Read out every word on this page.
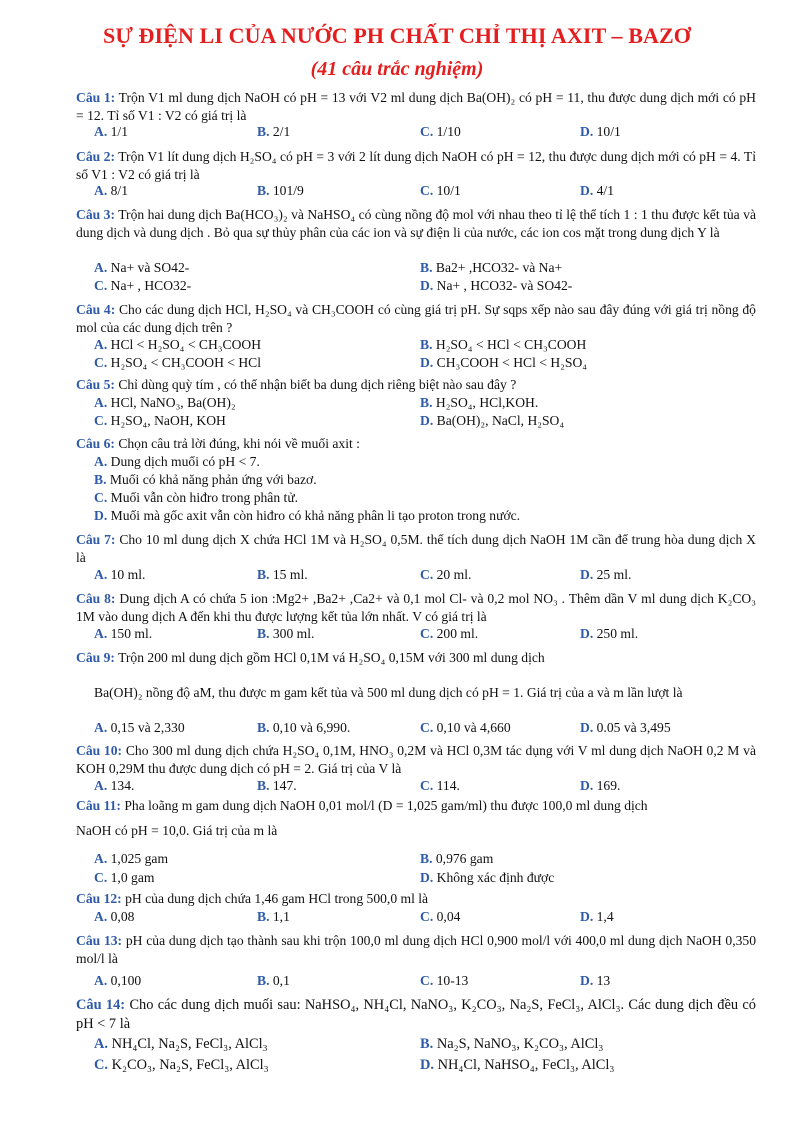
SỰ ĐIỆN LI CỦA NƯỚC PH CHẤT CHỈ THỊ AXIT – BAZƠ
(41 câu trắc nghiệm)
Câu 1: Trộn V1 ml dung dịch NaOH có pH = 13 với V2 ml dung dịch Ba(OH)₂ có pH = 11, thu được dung dịch mới có pH = 12. Tỉ số V1 : V2 có giá trị là
A. 1/1	B. 2/1	C. 1/10	D. 10/1
Câu 2: Trộn V1 lít dung dịch H₂SO₄ có pH = 3 với 2 lít dung dịch NaOH có pH = 12, thu được dung dịch mới có pH = 4. Tỉ số V1 : V2 có giá trị là
A. 8/1	B. 101/9	C. 10/1	D. 4/1
Câu 3: Trộn hai dung dịch Ba(HCO₃)₂ và NaHSO₄ có cùng nồng độ mol với nhau theo tỉ lệ thể tích 1 : 1 thu được kết tủa và dung dịch và dung dịch . Bỏ qua sự thủy phân của các ion và sự điện li của nước, các ion cos mặt trong dung dịch Y là
A. Na+ và SO42-	B. Ba2+ ,HCO32- và Na+
C. Na+ , HCO32-	D. Na+ , HCO32- và SO42-
Câu 4: Cho các dung dịch HCl, H₂SO₄ và CH₃COOH có cùng giá trị pH. Sự sqps xếp nào sau đây đúng với giá trị nồng độ mol của các dung dịch trên ?
A. HCl < H₂SO₄ < CH₃COOH	B. H₂SO₄ < HCl < CH₃COOH
C. H₂SO₄ < CH₃COOH < HCl	D. CH₃COOH < HCl < H₂SO₄
Câu 5: Chỉ dùng quỳ tím , có thể nhận biết ba dung dịch riêng biệt nào sau đây ?
A. HCl, NaNO₃, Ba(OH)₂	B. H₂SO₄, HCl,KOH.
C. H₂SO₄, NaOH, KOH	D. Ba(OH)₂, NaCl, H₂SO₄
Câu 6: Chọn câu trả lời đúng, khi nói về muối axit :
A. Dung dịch muối có pH < 7.
B. Muối có khả năng phản ứng với bazơ.
C. Muối vẫn còn hiđro trong phân tử.
D. Muối mà gốc axit vẫn còn hiđro có khả năng phân li tạo proton trong nước.
Câu 7: Cho 10 ml dung dịch X chứa HCl 1M và H₂SO₄ 0,5M. thể tích dung dịch NaOH 1M cần để trung hòa dung dịch X là
A. 10 ml.	B. 15 ml.	C. 20 ml.	D. 25 ml.
Câu 8: Dung dịch A có chứa 5 ion :Mg2+ ,Ba2+ ,Ca2+ và 0,1 mol Cl- và 0,2 mol NO₃ . Thêm dần V ml dung dịch K₂CO₃ 1M vào dung dịch A đến khi thu được lượng kết tủa lớn nhất. V có giá trị là
A. 150 ml.	B. 300 ml.	C. 200 ml.	D. 250 ml.
Câu 9: Trộn 200 ml dung dịch gồm HCl 0,1M vá H₂SO₄ 0,15M với 300 ml dung dịch
Ba(OH)₂ nồng độ aM, thu được m gam kết tủa và 500 ml dung dịch có pH = 1. Giá trị của a và m lần lượt là
A. 0,15 và 2,330	B. 0,10 và 6,990.	C. 0,10 và 4,660	D. 0.05 và 3,495
Câu 10: Cho 300 ml dung dịch chứa H₂SO₄ 0,1M, HNO₃ 0,2M và HCl 0,3M tác dụng với V ml dung dịch NaOH 0,2 M và KOH 0,29M thu được dung dịch có pH = 2. Giá trị của V là
A. 134.	B. 147.	C. 114.	D. 169.
Câu 11: Pha loãng m gam dung dịch NaOH 0,01 mol/l (D = 1,025 gam/ml) thu được 100,0 ml dung dịch
NaOH có pH = 10,0. Giá trị của m là
A. 1,025 gam	B. 0,976 gam
C. 1,0 gam	D. Không xác định được
Câu 12: pH của dung dịch chứa 1,46 gam HCl trong 500,0 ml là
A. 0,08	B. 1,1	C. 0,04	D. 1,4
Câu 13: pH của dung dịch tạo thành sau khi trộn 100,0 ml dung dịch HCl 0,900 mol/l với 400,0 ml dung dịch NaOH 0,350 mol/l là
A. 0,100	B. 0,1	C. 10-13	D. 13
Câu 14: Cho các dung dịch muối sau: NaHSO₄, NH₄Cl, NaNO₃, K₂CO₃, Na₂S, FeCl₃, AlCl₃. Các dung dịch đều có pH < 7 là
A. NH₄Cl, Na₂S, FeCl₃, AlCl₃	B. Na₂S, NaNO₃, K₂CO₃, AlCl₃
C. K₂CO₃, Na₂S, FeCl₃, AlCl₃	D. NH₄Cl, NaHSO₄, FeCl₃, AlCl₃
